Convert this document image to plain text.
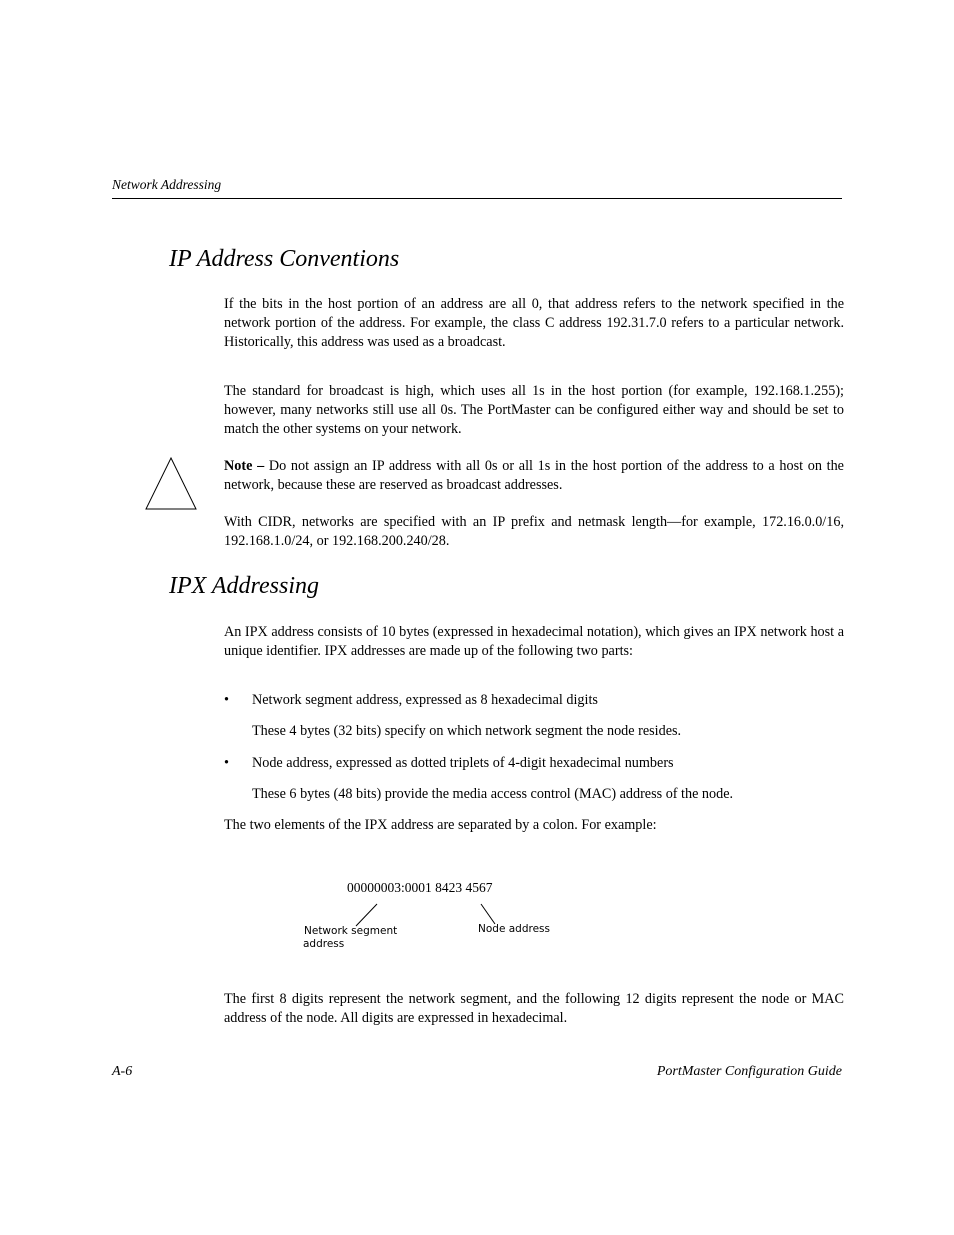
Network Addressing
IP Address Conventions

If the bits in the host portion of an address are all 0, that address refers to the network specified in the network portion of the address. For example, the class C address 192.31.7.0 refers to a particular network. Historically, this address was used as a broadcast.

The standard for broadcast is high, which uses all 1s in the host portion (for example, 192.168.1.255); however, many networks still use all 0s. The PortMaster can be configured either way and should be set to match the other systems on your network.

Note – Do not assign an IP address with all 0s or all 1s in the host portion of the address to a host on the network, because these are reserved as broadcast addresses.

With CIDR, networks are specified with an IP prefix and netmask length—for example, 172.16.0.0/16, 192.168.1.0/24, or 192.168.200.240/28.

IPX Addressing

An IPX address consists of 10 bytes (expressed in hexadecimal notation), which gives an IPX network host a unique identifier. IPX addresses are made up of the following two parts:

• Network segment address, expressed as 8 hexadecimal digits

These 4 bytes (32 bits) specify on which network segment the node resides.

• Node address, expressed as dotted triplets of 4-digit hexadecimal numbers

These 6 bytes (48 bits) provide the media access control (MAC) address of the node.

The two elements of the IPX address are separated by a colon. For example:

00000003:0001 8423 4567
Network segment
address
Node address

The first 8 digits represent the network segment, and the following 12 digits represent the node or MAC address of the node. All digits are expressed in hexadecimal.

A-6	PortMaster Configuration Guide
